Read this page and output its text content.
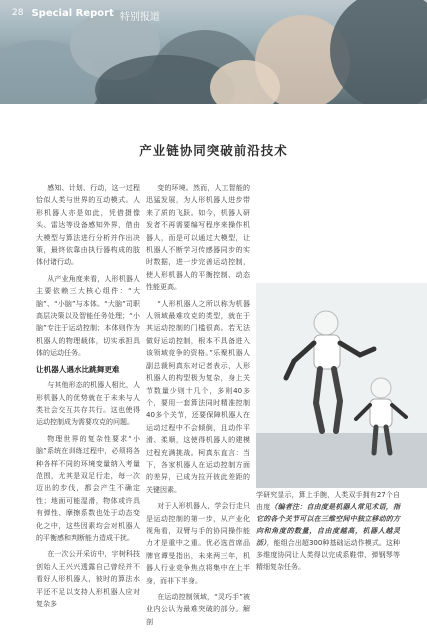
28 Special Report 特别报道
产业链协同突破前沿技术

感知、计划、行动，这一过程恰似人类与世界的互动模式。人形机器人亦是如此，凭借摄像头、雷达等设备感知外界，借由大模型与算法进行分析并作出决策，最终依靠由执行器构成的肢体付诸行动。

从产业角度来看，人形机器人主要依赖三大核心组件：“大脑”、“小脑”与本体。“大脑”司职高层决策以及智能任务处理；“小脑”专注于运动控制；本体则作为机器人的物理载体，切实承担具体的运动任务。

让机器人遇水比跳舞更难

与其他形态的机器人相比，人形机器人的优势就在于未来与人类社会交互共存共行。这也使得运动控制成为需要攻克的问题。

物理世界的复杂性要求“小脑”系统在训练过程中，必须将各种各样不同的环境变量纳入考量范围，尤其是双足行走，每一次迈出的步伐，都会产生不确定性；地面可能湿滑，物体或许具有弹性、摩擦系数也处于动态变化之中，这些因素均会对机器人的平衡感和判断能力造成干扰。

在一次公开采访中，宇树科技创始人王兴兴透露自己曾经并不看好人形机器人，彼时的算法水平还不足以支持人形机器人应对复杂多

变的环境。然而，人工智能的迅猛发展，为人形机器人进步带来了质的飞跃。如今，机器人研发者不再需要编写程序来操作机器人，而是可以通过大模型，让机器人不断学习传感器同步的实时数据，进一步完善运动控制，使人形机器人的平衡控制、动态性能更高。

“人形机器人之所以称为机器人领域最难攻克的类型，就在于其运动控制的门槛很高。若无法做好运动控制，根本不具备进入该领域竞争的资格。”乐聚机器人副总裁柯真东对记者表示，人形机器人的构型极为复杂，身上关节数量少则十几个，多则40多个，要用一套算法同时精准控制40多个关节，还要保障机器人在运动过程中不会倾倒，且动作平滑、柔顺，这使得机器人的建模过程充满挑战。柯真东直言：当下，各家机器人在运动控制方面的差异，已成为拉开彼此差距的关键因素。

对于人形机器人，学会行走只是运动控制的第一步，从产业化视角看，双臂与手的协同操作能力才是重中之重。优必选首席品牌官谭旻指出，未来两三年，机器人行业竞争焦点将集中在上半身，而非下半身。

在运动控制领域，“灵巧手”被业内公认为最难突破的部分。解剖

学研究显示，算上手腕，人类双手拥有27个自由度（编者注：自由度是机器人常见术语，指它的各个关节可以在三维空间中独立移动的方向和角度的数量，自由度越高，机器人越灵活），能组合出超300种基础运动作模式。这种多维度协同让人类得以完成系鞋带、弹钢琴等精细复杂任务。
